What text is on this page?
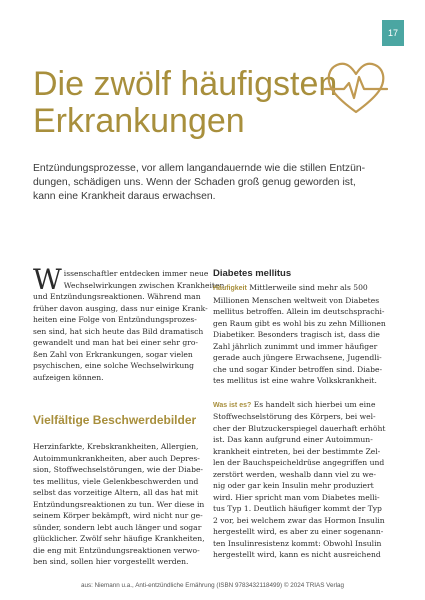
17
Die zwölf häufigsten
Erkrankungen
Entzündungsprozesse, vor allem langandauernde wie die stillen Entzün-
dungen, schädigen uns. Wenn der Schaden groß genug geworden ist,
kann eine Krankheit daraus erwachsen.
W issenschaftler entdecken immer neue
Wechselwirkungen zwischen Krankheiten
und Entzündungsreaktionen. Während man
früher davon ausging, dass nur einige Krank-
heiten eine Folge von Entzündungsprozes-
sen sind, hat sich heute das Bild dramatisch
gewandelt und man hat bei einer sehr gro-
ßen Zahl von Erkrankungen, sogar vielen
psychischen, eine solche Wechselwirkung
aufzeigen können.
Vielfältige Beschwerdebilder
Herzinfarkte, Krebskrankheiten, Allergien,
Autoimmunkrankheiten, aber auch Depres-
sion, Stoffwechselstörungen, wie der Diabe-
tes mellitus, viele Gelenkbeschwerden und
selbst das vorzeitige Altern, all das hat mit
Entzündungsreaktionen zu tun. Wer diese in
seinem Körper bekämpft, wird nicht nur ge-
sünder, sondern lebt auch länger und sogar
glücklicher. Zwölf sehr häufige Krankheiten,
die eng mit Entzündungsreaktionen verwo-
ben sind, sollen hier vorgestellt werden.
Diabetes mellitus
Häufigkeit Mittlerweile sind mehr als 500
Millionen Menschen weltweit von Diabetes
mellitus betroffen. Allein im deutschsprachi-
gen Raum gibt es wohl bis zu zehn Millionen
Diabetiker. Besonders tragisch ist, dass die
Zahl jährlich zunimmt und immer häufiger
gerade auch jüngere Erwachsene, Jugendli-
che und sogar Kinder betroffen sind. Diabe-
tes mellitus ist eine wahre Volkskrankheit.
Was ist es? Es handelt sich hierbei um eine
Stoffwechselstörung des Körpers, bei wel-
cher der Blutzuckerspiegel dauerhaft erhöht
ist. Das kann aufgrund einer Autoimmun-
krankheit eintreten, bei der bestimmte Zel-
len der Bauchspeicheldrüse angegriffen und
zerstört werden, weshalb dann viel zu we-
nig oder gar kein Insulin mehr produziert
wird. Hier spricht man vom Diabetes melli-
tus Typ 1. Deutlich häufiger kommt der Typ
2 vor, bei welchem zwar das Hormon Insulin
hergestellt wird, es aber zu einer sogenann-
ten Insulinresistenz kommt: Obwohl Insulin
hergestellt wird, kann es nicht ausreichend
aus: Niemann u.a., Anti-entzündliche Ernährung (ISBN 9783432118499) © 2024 TRIAS Verlag
